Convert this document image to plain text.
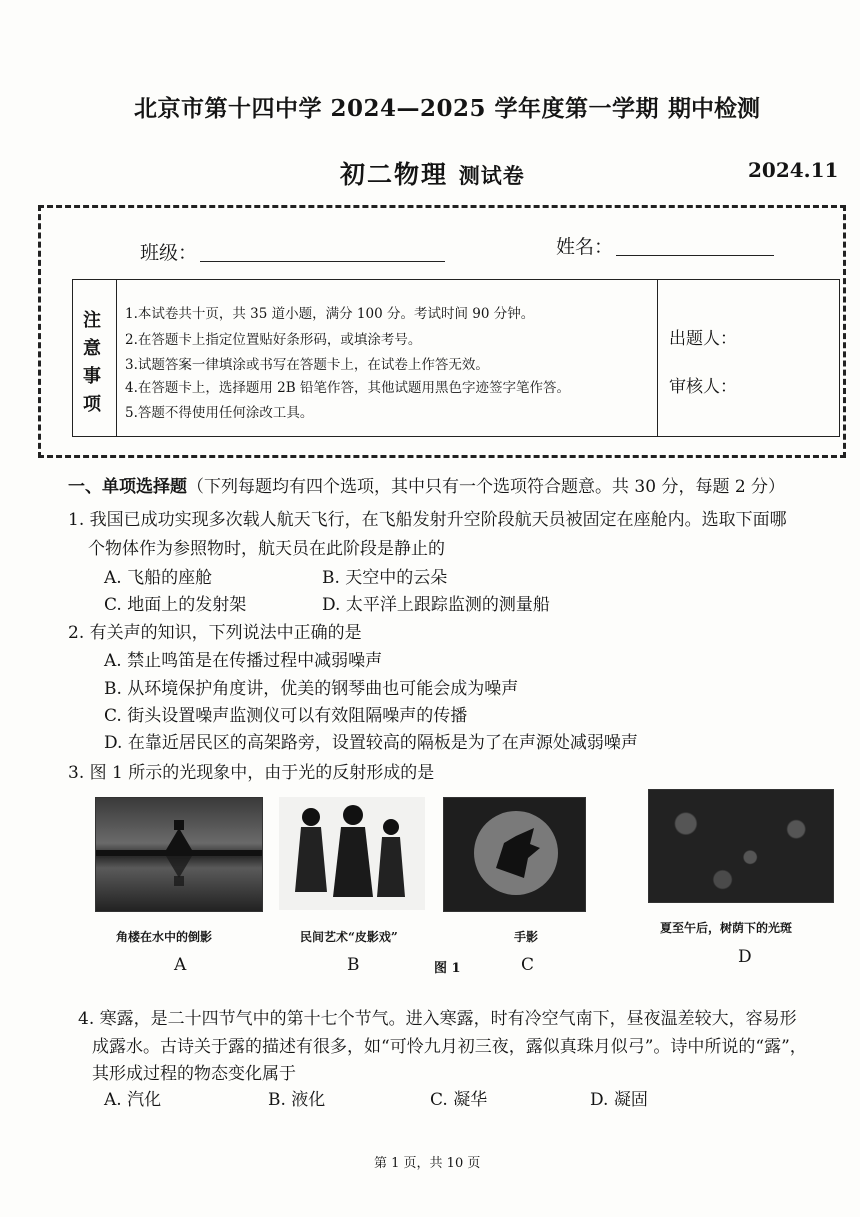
北京市第十四中学 2024—2025 学年度第一学期 期中检测
初二物理 测试卷	2024.11
班级：	姓名：
注
意
事
项
1.本试卷共十页，共 35 道小题，满分 100 分。考试时间 90 分钟。
2.在答题卡上指定位置贴好条形码，或填涂考号。
3.试题答案一律填涂或书写在答题卡上，在试卷上作答无效。
4.在答题卡上，选择题用 2B 铅笔作答，其他试题用黑色字迹签字笔作答。
5.答题不得使用任何涂改工具。
出题人：
审核人：
一、单项选择题（下列每题均有四个选项，其中只有一个选项符合题意。共 30 分，每题 2 分）
1. 我国已成功实现多次载人航天飞行，在飞船发射升空阶段航天员被固定在座舱内。选取下面哪
个物体作为参照物时，航天员在此阶段是静止的
A. 飞船的座舱	B. 天空中的云朵
C. 地面上的发射架	D. 太平洋上跟踪监测的测量船
2. 有关声的知识，下列说法中正确的是
A. 禁止鸣笛是在传播过程中减弱噪声
B. 从环境保护角度讲，优美的钢琴曲也可能会成为噪声
C. 街头设置噪声监测仪可以有效阻隔噪声的传播
D. 在靠近居民区的高架路旁，设置较高的隔板是为了在声源处减弱噪声
3. 图 1 所示的光现象中，由于光的反射形成的是
角楼在水中的倒影
A
民间艺术“皮影戏”
B	图 1
手影
C
夏至午后，树荫下的光斑
D
4. 寒露，是二十四节气中的第十七个节气。进入寒露，时有冷空气南下，昼夜温差较大，容易形
成露水。古诗关于露的描述有很多，如“可怜九月初三夜，露似真珠月似弓”。诗中所说的“露”，
其形成过程的物态变化属于
A. 汽化	B. 液化	C. 凝华	D. 凝固
第 1 页，共 10 页
